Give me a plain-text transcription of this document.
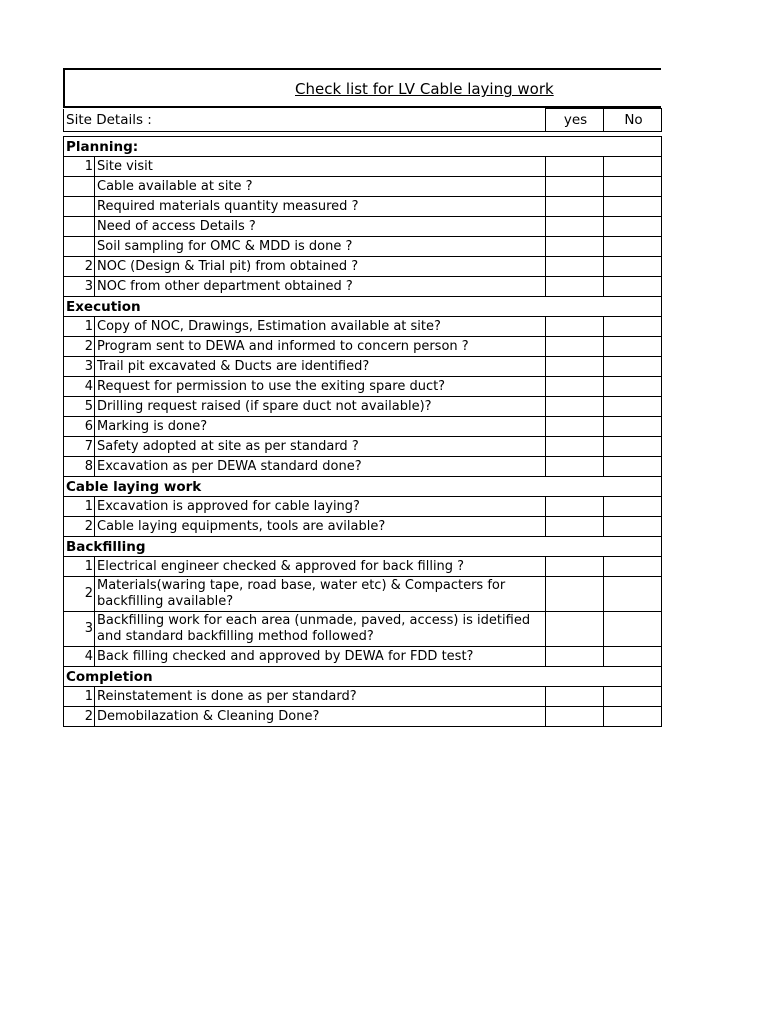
Check list for LV Cable laying work
Site Details :		yes	No

Planning:			
1	Site visit		
	Cable available at site ?		
	Required materials quantity measured ?		
	Need of access Details ?		
	Soil sampling for OMC & MDD is done ?		
2	NOC (Design & Trial pit) from obtained ?		
3	NOC from other department obtained ?		
Execution			
1	Copy of NOC, Drawings, Estimation available at site?		
2	Program sent to DEWA and informed to concern person ?		
3	Trail pit excavated & Ducts are identified?		
4	Request for permission to use the exiting spare duct?		
5	Drilling request raised (if spare duct not available)?		
6	Marking is done?		
7	Safety adopted at site as per standard ?		
8	Excavation as per DEWA standard done?		
Cable laying work			
1	Excavation is approved for cable laying?		
2	Cable laying equipments, tools are avilable?		
Backfilling			
1	Electrical engineer checked & approved for back filling ?		
2	Materials(waring tape, road base, water etc) & Compacters for backfilling available?		
3	Backfilling work for each area (unmade, paved, access) is idetified and standard backfilling method followed?		
4	Back filling checked and approved by DEWA for FDD test?		
Completion			
1	Reinstatement is done as per standard?		
2	Demobilazation & Cleaning Done?		
